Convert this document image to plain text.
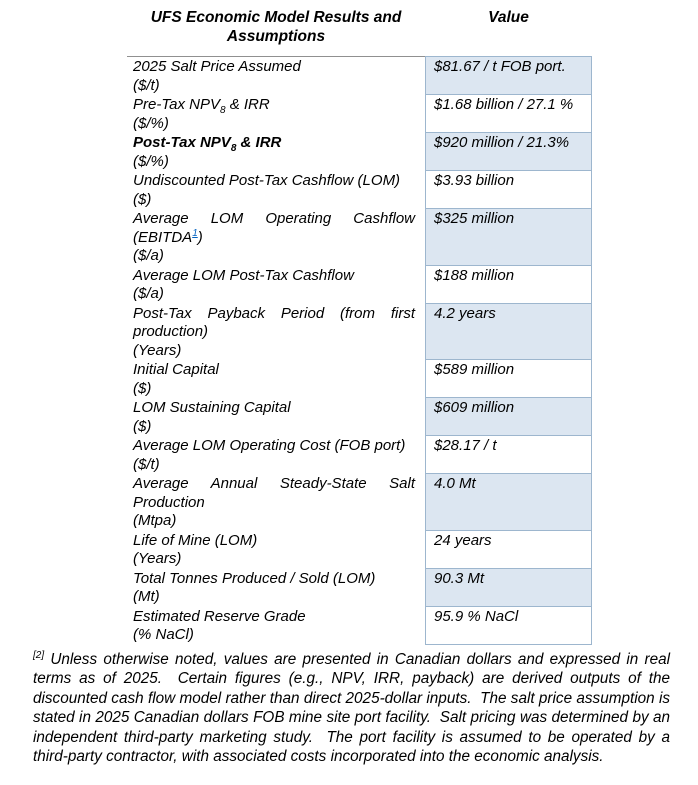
UFS Economic Model Results and Assumptions
Value
2025 Salt Price Assumed
($/t)
$81.67 / t FOB port.
Pre-Tax $NPV_8$ & IRR
($/%)
$1.68 billion / 27.1 %
Post-Tax $NPV_8$ & IRR
($/%)
$920 million / 21.3%
Undiscounted Post-Tax Cashflow (LOM)
($)
$3.93 billion
Average LOM Operating Cashflow (EBITDA$^1$)
($/a)
$325 million
Average LOM Post-Tax Cashflow
($/a)
$188 million
Post-Tax Payback Period (from first production)
(Years)
4.2 years
Initial Capital
($)
$589 million
LOM Sustaining Capital
($)
$609 million
Average LOM Operating Cost (FOB port)
($/t)
$28.17 / t
Average Annual Steady-State Salt Production
(Mtpa)
4.0 Mt
Life of Mine (LOM)
(Years)
24 years
Total Tonnes Produced / Sold (LOM)
(Mt)
90.3 Mt
Estimated Reserve Grade
(% NaCl)
95.9 % NaCl

[2] Unless otherwise noted, values are presented in Canadian dollars and expressed in real terms as of 2025.  Certain figures (e.g., NPV, IRR, payback) are derived outputs of the discounted cash flow model rather than direct 2025-dollar inputs.  The salt price assumption is stated in 2025 Canadian dollars FOB mine site port facility.  Salt pricing was determined by an independent third-party marketing study.  The port facility is assumed to be operated by a third-party contractor, with associated costs incorporated into the economic analysis.
